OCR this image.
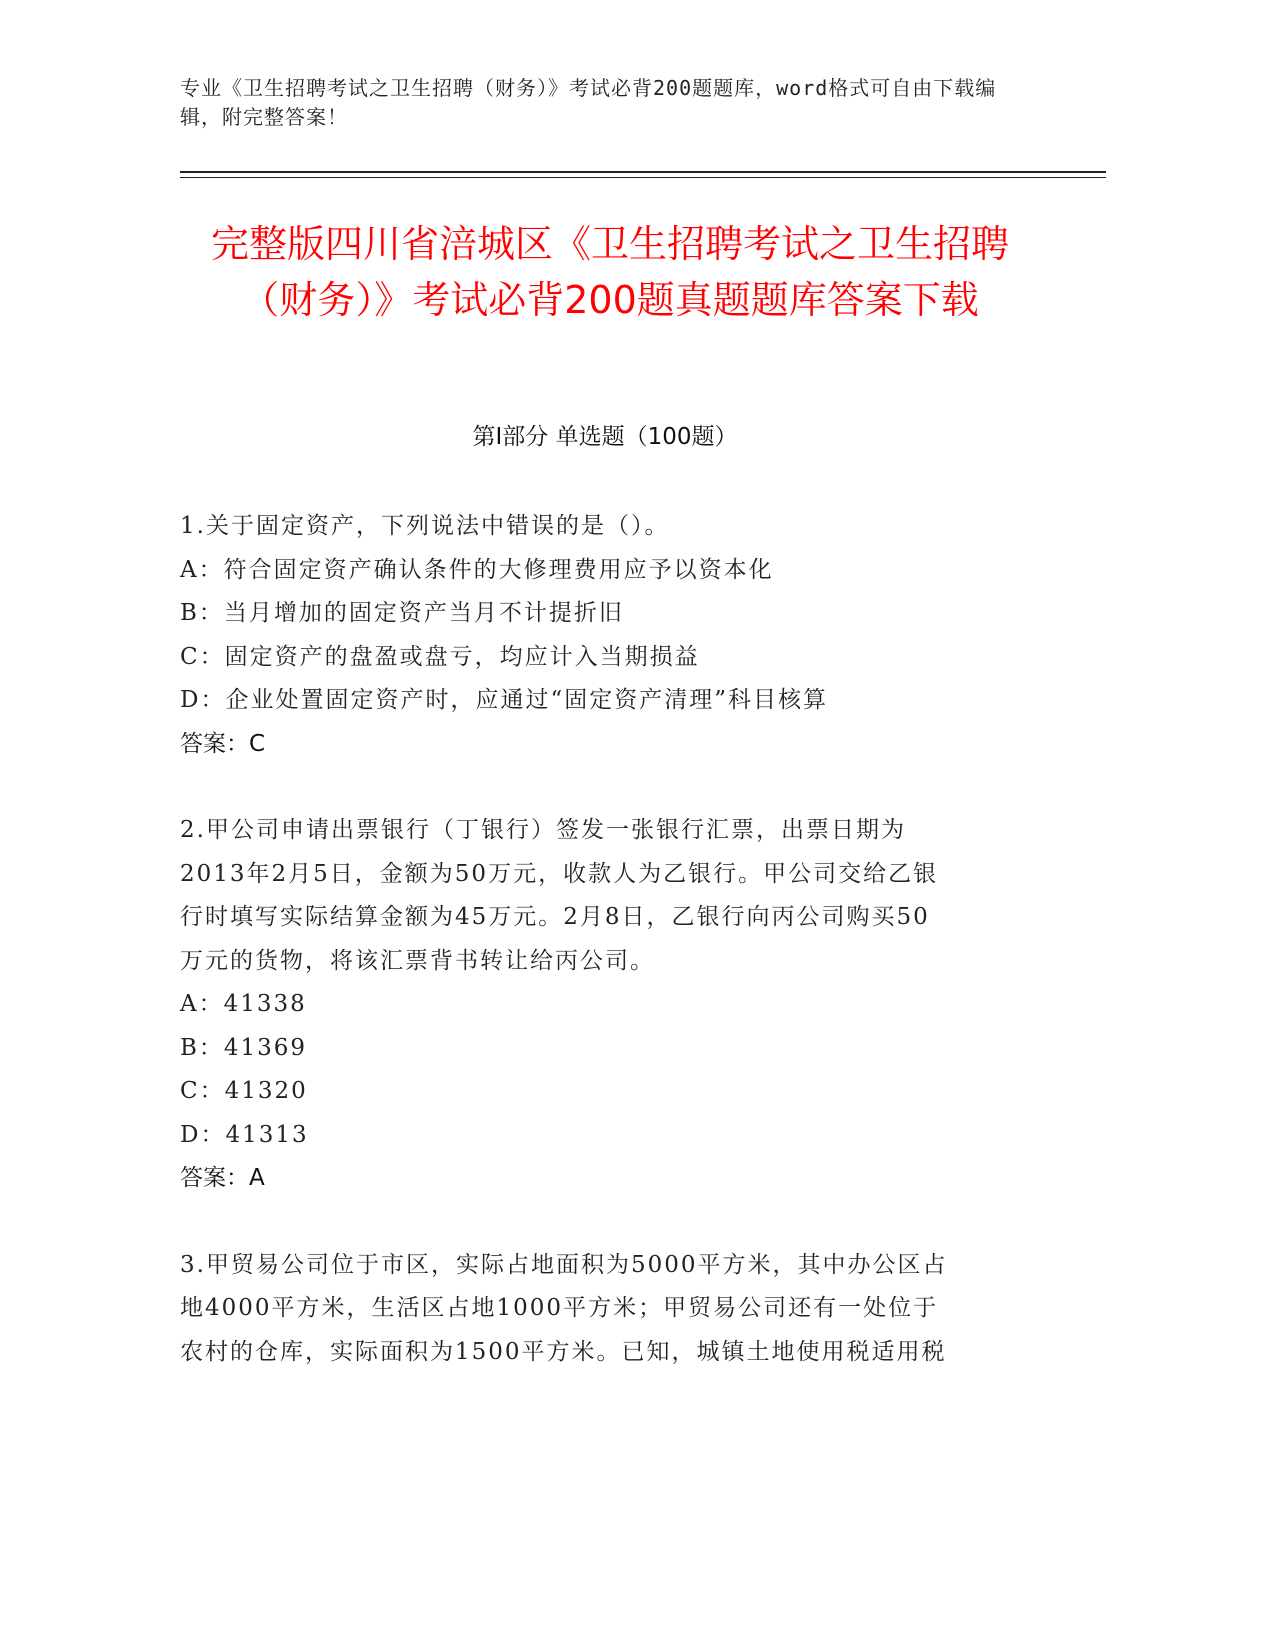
专业《卫生招聘考试之卫生招聘（财务）》考试必背200题题库，word格式可自由下载编辑，附完整答案！
完整版四川省涪城区《卫生招聘考试之卫生招聘（财务）》考试必背200题真题题库答案下载
第I部分 单选题（100题）

1.关于固定资产，下列说法中错误的是（）。

A：符合固定资产确认条件的大修理费用应予以资本化

B：当月增加的固定资产当月不计提折旧

C：固定资产的盘盈或盘亏，均应计入当期损益

D：企业处置固定资产时，应通过“固定资产清理”科目核算

答案：C

2.甲公司申请出票银行（丁银行）签发一张银行汇票，出票日期为

2013年2月5日，金额为50万元，收款人为乙银行。甲公司交给乙银

行时填写实际结算金额为45万元。2月8日，乙银行向丙公司购买50

万元的货物，将该汇票背书转让给丙公司。

A：41338

B：41369

C：41320

D：41313

答案：A

3.甲贸易公司位于市区，实际占地面积为5000平方米，其中办公区占

地4000平方米，生活区占地1000平方米；甲贸易公司还有一处位于

农村的仓库，实际面积为1500平方米。已知，城镇土地使用税适用税
